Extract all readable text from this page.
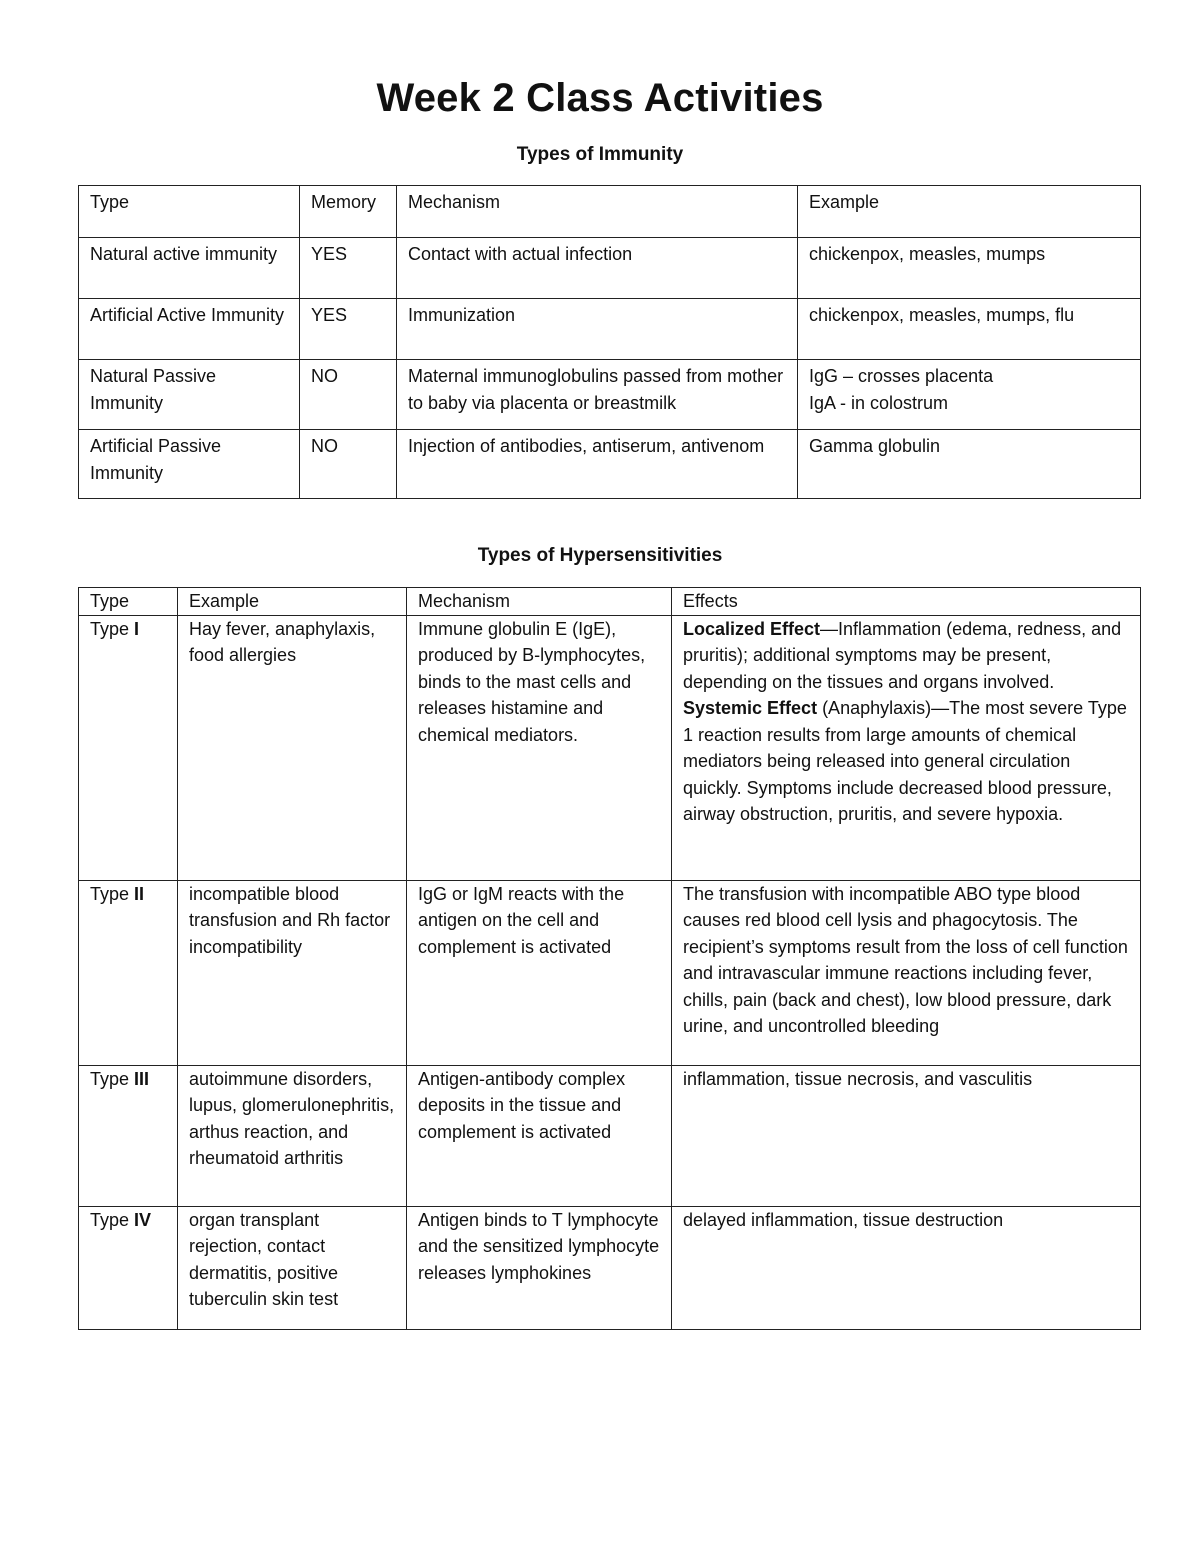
Week 2 Class Activities
Types of Immunity
Type	Memory	Mechanism	Example
Natural active immunity	YES	Contact with actual infection	chickenpox, measles, mumps
Artificial Active Immunity	YES	Immunization	chickenpox, measles, mumps, flu
Natural Passive Immunity	NO	Maternal immunoglobulins passed from mother to baby via placenta or breastmilk	IgG – crosses placenta
IgA - in colostrum

Artificial Passive Immunity	NO	Injection of antibodies, antiserum, antivenom	Gamma globulin
Types of Hypersensitivities
Type	Example	Mechanism	Effects
Type I	Hay fever, anaphylaxis, food allergies	Immune globulin E (IgE), produced by B-lymphocytes, binds to the mast cells and releases histamine and chemical mediators.	Localized Effect—Inflammation (edema, redness, and pruritis); additional symptoms may be present, depending on the tissues and organs involved.
Systemic Effect (Anaphylaxis)—The most severe Type 1 reaction results from large amounts of chemical mediators being released into general circulation quickly. Symptoms include decreased blood pressure, airway obstruction, pruritis, and severe hypoxia.

Type II	incompatible blood transfusion and Rh factor incompatibility	IgG or IgM reacts with the antigen on the cell and complement is activated	The transfusion with incompatible ABO type blood causes red blood cell lysis and phagocytosis. The recipient’s symptoms result from the loss of cell function and intravascular immune reactions including fever, chills, pain (back and chest), low blood pressure, dark urine, and uncontrolled bleeding
Type III	autoimmune disorders, lupus, glomerulonephritis, arthus reaction, and rheumatoid arthritis	Antigen-antibody complex deposits in the tissue and complement is activated	inflammation, tissue necrosis, and vasculitis
Type IV	organ transplant rejection, contact dermatitis, positive tuberculin skin test	Antigen binds to T lymphocyte and the sensitized lymphocyte releases lymphokines	delayed inflammation, tissue destruction
